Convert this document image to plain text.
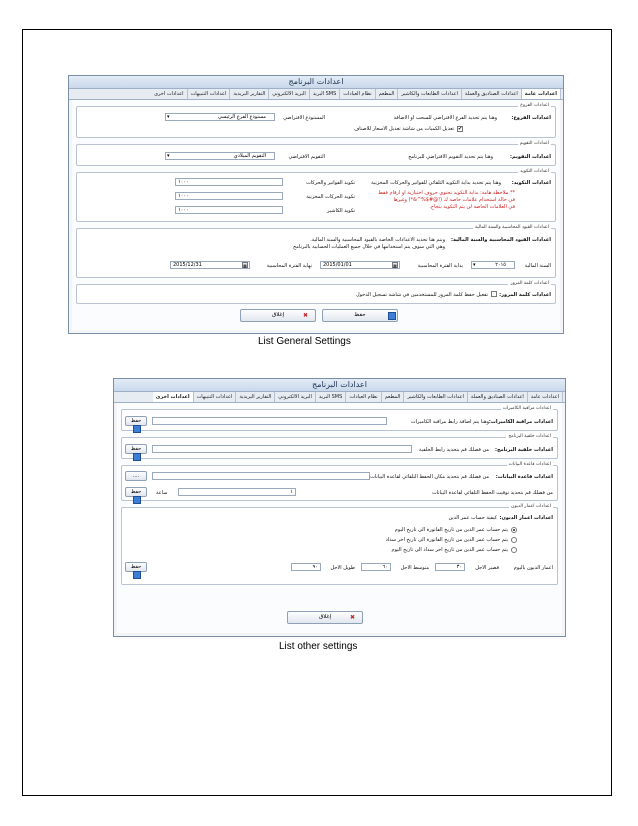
اعدادات البرنامج
اعدادات عامة
اعدادات الصناديق والعملة
اعدادات الطابعات والكاشير
المطعم
نظام العيادات
البريد SMS
البريد الالكتروني
التقارير البريدية
اعدادات التنبيهات
اعدادات اخرى
اعدادات الفروع
اعدادات الفروع:
وهنا يتم تحديد الفرع الافتراضي للسحب او الاضافة
المستودع الافتراضي
مستودع الفرع الرئيسي
▾
✔
تعديل الكميات من شاشة تعديل الاسعار للاصناف
اعدادات التقويم
اعدادات التقويم:
وهنا يتم تحديد التقويم الافتراضي للبرنامج
التقويم الافتراضي
التقويم الميلادي
▾
اعدادات التكويد
اعدادات التكويد:
وهنا يتم تحديد بداية التكويد التلقائي للفواتير والحركات المخزنية
تكويد الفواتير والحركات
١٠٠٠
تكويد الحركات المخزنية
١٠٠٠
تكويد الكاشير
١٠٠٠
** ملاحظة هامة: بداية التكويد تحتوي حروف اختيارية او ارقام فقط
في حالة استخدام علامات خاصة ك (!@#$%^&*) وغيرها
في العلامات الخاصة لن يتم التكويد بنجاح.
اعدادات القيود المحاسبية والسنة المالية
اعدادات القيود المحاسبية والسنة المالية:
وبتم هنا تحديد الاعدادات الخاصة بالقيود المحاسبية والسنة المالية.
وهي التي سوف يتم استخدامها في خلال جميع العمليات الحسابية بالبرنامج
السنة المالية
٢٠١٥
▾
بداية الفترة المحاسبية
2015/01/01	▦
نهاية الفترة المحاسبية
2015/12/31	▦
اعدادات كلمة المرور
اعدادات كلمة المرور:
تفعيل حفظ كلمة المرور للمستخدمين في شاشة تسجيل الدخول
حفظ
إغلاق	✖
List General Settings
اعدادات البرنامج
اعدادات عامة
اعدادات الصناديق والعملة
اعدادات الطابعات والكاشير
المطعم
نظام العيادات
البريد SMS
البريد الالكتروني
التقارير البريدية
اعدادات التنبيهات
اعدادات اخرى
اعدادات مراقبة الكاميرات
اعدادات مراقبة الكاميرات:
وهنا يتم اضافة رابط مراقبة الكاميرات
حفظ
اعدادات خلفية البرنامج
اعدادات خلفية البرنامج:
من فضلك قم بتحديد رابط الخلفية
حفظ
اعدادات قاعدة البيانات
اعدادات قاعدة البيانات:
من فضلك قم بتحديد مكان الحفظ التلقائي لقاعدة البيانات
....
من فضلك قم بتحديد توقيت الحفظ التلقائي لقاعدة البيانات
١
ساعة
حفظ
اعدادات اعمار الديون
اعدادات اعمار الديون:
كيفية حساب عمر الدين
يتم حساب عمر الدين من تاريخ الفاتورة الى تاريخ اليوم
يتم حساب عمر الدين من تاريخ الفاتورة الى تاريخ اخر سداد
يتم حساب عمر الدين من تاريخ اخر سداد الى تاريخ اليوم
اعمار الديون باليوم
قصير الاجل
٣٠
متوسط الاجل
٦٠
طويل الاجل
٩٠
حفظ
إغلاق	✖
List other settings
